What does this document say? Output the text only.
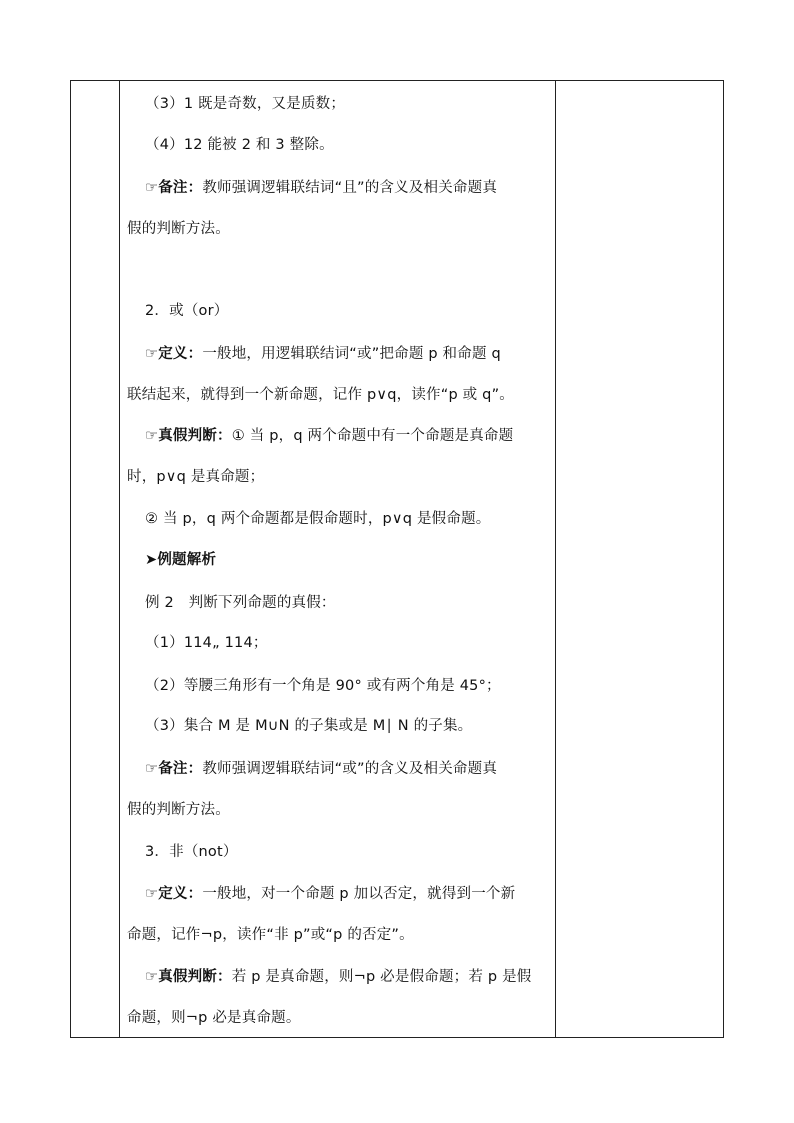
（3）1 既是奇数，又是质数；
（4）12 能被 2 和 3 整除。
☞备注：教师强调逻辑联结词“且”的含义及相关命题真
假的判断方法。
2．或（or）
☞定义：一般地，用逻辑联结词“或”把命题 p 和命题 q
联结起来，就得到一个新命题，记作 p∨q，读作“p 或 q”。
☞真假判断：① 当 p，q 两个命题中有一个命题是真命题
时，p∨q 是真命题；
② 当 p，q 两个命题都是假命题时，p∨q 是假命题。
➤例题解析
例 2　判断下列命题的真假：
（1）114„ 114；
（2）等腰三角形有一个角是 90° 或有两个角是 45°；
（3）集合 M 是 M∪N 的子集或是 M∣ N 的子集。
☞备注：教师强调逻辑联结词“或”的含义及相关命题真
假的判断方法。
3．非（not）
☞定义：一般地，对一个命题 p 加以否定，就得到一个新
命题，记作¬p，读作“非 p”或“p 的否定”。
☞真假判断：若 p 是真命题，则¬p 必是假命题；若 p 是假
命题，则¬p 必是真命题。
